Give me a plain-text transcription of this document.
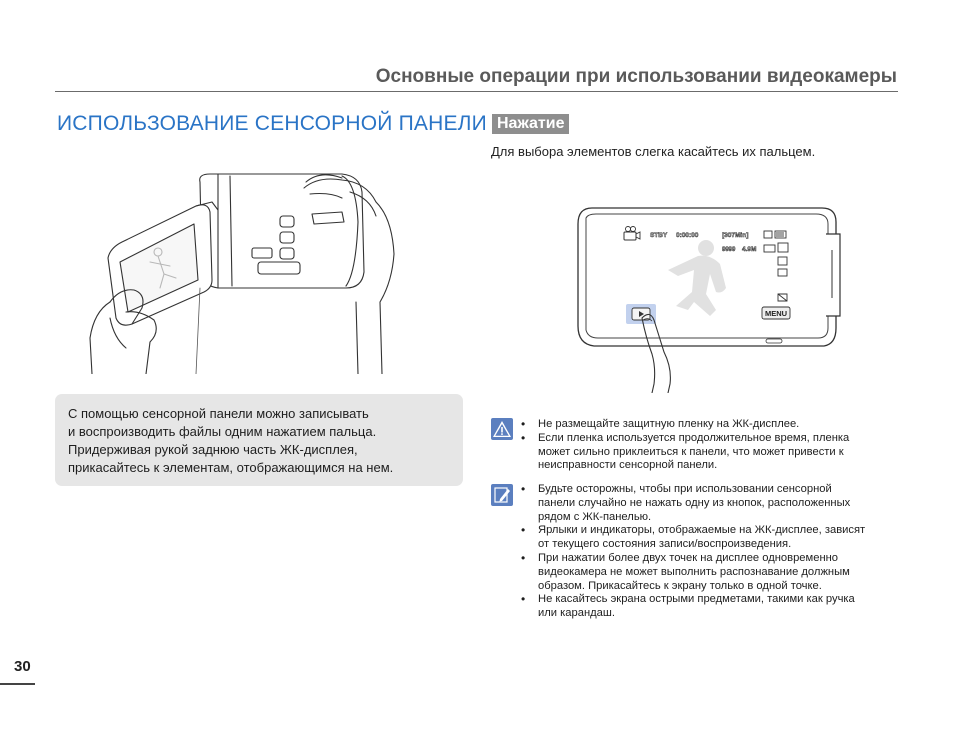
Основные операции при использовании видеокамеры
ИСПОЛЬЗОВАНИЕ СЕНСОРНОЙ ПАНЕЛИ Нажатие
Для выбора элементов слегка касайтесь их пальцем.
STBY 0:00:00	[307Min]
9999 4.9M
MENU
С помощью сенсорной панели можно записывать
и воспроизводить файлы одним нажатием пальца.
Придерживая рукой заднюю часть ЖК-дисплея,
прикасайтесь к элементам, отображающимся на нем.
• Не размещайте защитную пленку на ЖК-дисплее.
• Если пленка используется продолжительное время, пленка
может сильно приклеиться к панели, что может привести к
неисправности сенсорной панели.
• Будьте осторожны, чтобы при использовании сенсорной
панели случайно не нажать одну из кнопок, расположенных
рядом с ЖК-панелью.
• Ярлыки и индикаторы, отображаемые на ЖК-дисплее, зависят
от текущего состояния записи/воспроизведения.
• При нажатии более двух точек на дисплее одновременно
видеокамера не может выполнить распознавание должным
образом. Прикасайтесь к экрану только в одной точке.
• Не касайтесь экрана острыми предметами, такими как ручка
или карандаш.
30
